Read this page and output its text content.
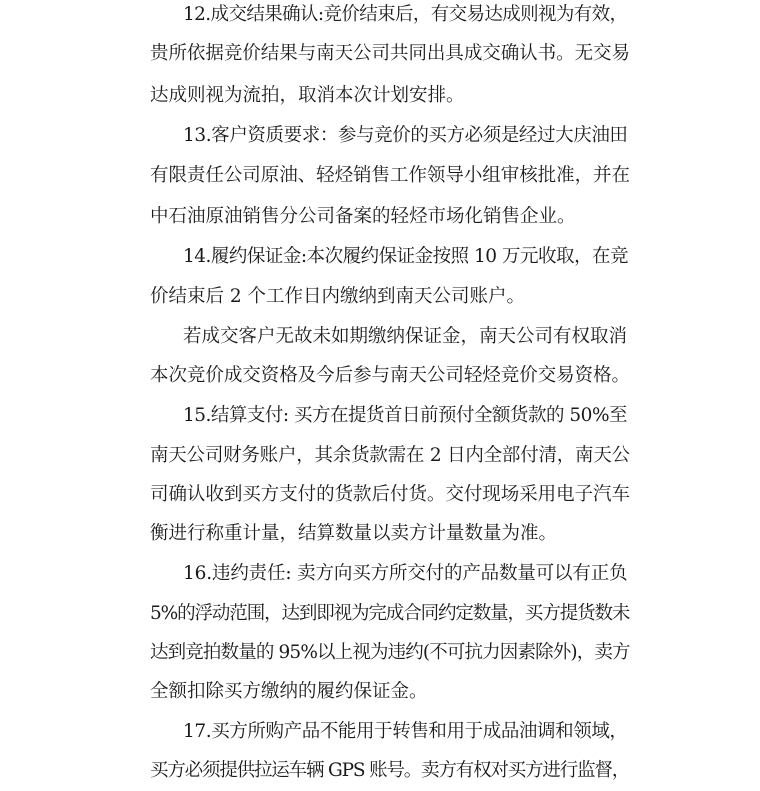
12.成交结果确认:竞价结束后，有交易达成则视为有效，
贵所依据竞价结果与南天公司共同出具成交确认书。无交易
达成则视为流拍，取消本次计划安排。
13.客户资质要求：参与竞价的买方必须是经过大庆油田
有限责任公司原油、轻烃销售工作领导小组审核批准，并在
中石油原油销售分公司备案的轻烃市场化销售企业。
14.履约保证金:本次履约保证金按照 10 万元收取，在竞
价结束后 2 个工作日内缴纳到南天公司账户。
若成交客户无故未如期缴纳保证金，南天公司有权取消
本次竞价成交资格及今后参与南天公司轻烃竞价交易资格。
15.结算支付: 买方在提货首日前预付全额货款的 50%至
南天公司财务账户，其余货款需在 2 日内全部付清，南天公
司确认收到买方支付的货款后付货。交付现场采用电子汽车
衡进行称重计量，结算数量以卖方计量数量为准。
16.违约责任: 卖方向买方所交付的产品数量可以有正负
5%的浮动范围，达到即视为完成合同约定数量，买方提货数未
达到竞拍数量的 95%以上视为违约(不可抗力因素除外)，卖方
全额扣除买方缴纳的履约保证金。
17.买方所购产品不能用于转售和用于成品油调和领域，
买方必须提供拉运车辆 GPS 账号。卖方有权对买方进行监督，
